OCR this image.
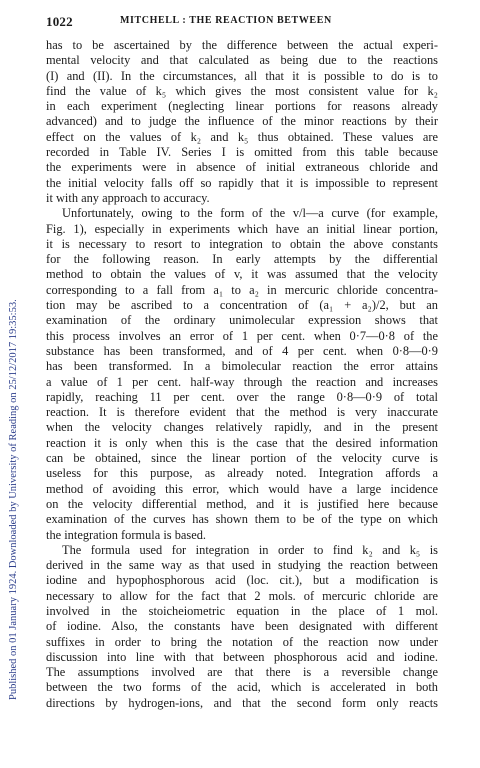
1022	MITCHELL : THE REACTION BETWEEN
Published on 01 January 1924. Downloaded by University of Reading on 25/12/2017 19:35:53.
has to be ascertained by the difference between the actual experi-
mental velocity and that calculated as being due to the reactions
(I) and (II). In the circumstances, all that it is possible to do is to
find the value of k₅ which gives the most consistent value for k₂
in each experiment (neglecting linear portions for reasons already
advanced) and to judge the influence of the minor reactions by their
effect on the values of k₂ and k₅ thus obtained. These values are
recorded in Table IV. Series I is omitted from this table because
the experiments were in absence of initial extraneous chloride and
the initial velocity falls off so rapidly that it is impossible to represent
it with any approach to accuracy.
Unfortunately, owing to the form of the v/l—a curve (for example,
Fig. 1), especially in experiments which have an initial linear portion,
it is necessary to resort to integration to obtain the above constants
for the following reason. In early attempts by the differential
method to obtain the values of v, it was assumed that the velocity
corresponding to a fall from a₁ to a₂ in mercuric chloride concentra-
tion may be ascribed to a concentration of (a₁ + a₂)/2, but an
examination of the ordinary unimolecular expression shows that
this process involves an error of 1 per cent. when 0·7—0·8 of the
substance has been transformed, and of 4 per cent. when 0·8—0·9
has been transformed. In a bimolecular reaction the error attains
a value of 1 per cent. half-way through the reaction and increases
rapidly, reaching 11 per cent. over the range 0·8—0·9 of total
reaction. It is therefore evident that the method is very inaccurate
when the velocity changes relatively rapidly, and in the present
reaction it is only when this is the case that the desired information
can be obtained, since the linear portion of the velocity curve is
useless for this purpose, as already noted. Integration affords a
method of avoiding this error, which would have a large incidence
on the velocity differential method, and it is justified here because
examination of the curves has shown them to be of the type on which
the integration formula is based.
The formula used for integration in order to find k₂ and k₅ is
derived in the same way as that used in studying the reaction between
iodine and hypophosphorous acid (loc. cit.), but a modification is
necessary to allow for the fact that 2 mols. of mercuric chloride are
involved in the stoicheiometric equation in the place of 1 mol.
of iodine. Also, the constants have been designated with different
suffixes in order to bring the notation of the reaction now under
discussion into line with that between phosphorous acid and iodine.
The assumptions involved are that there is a reversible change
between the two forms of the acid, which is accelerated in both
directions by hydrogen-ions, and that the second form only reacts
